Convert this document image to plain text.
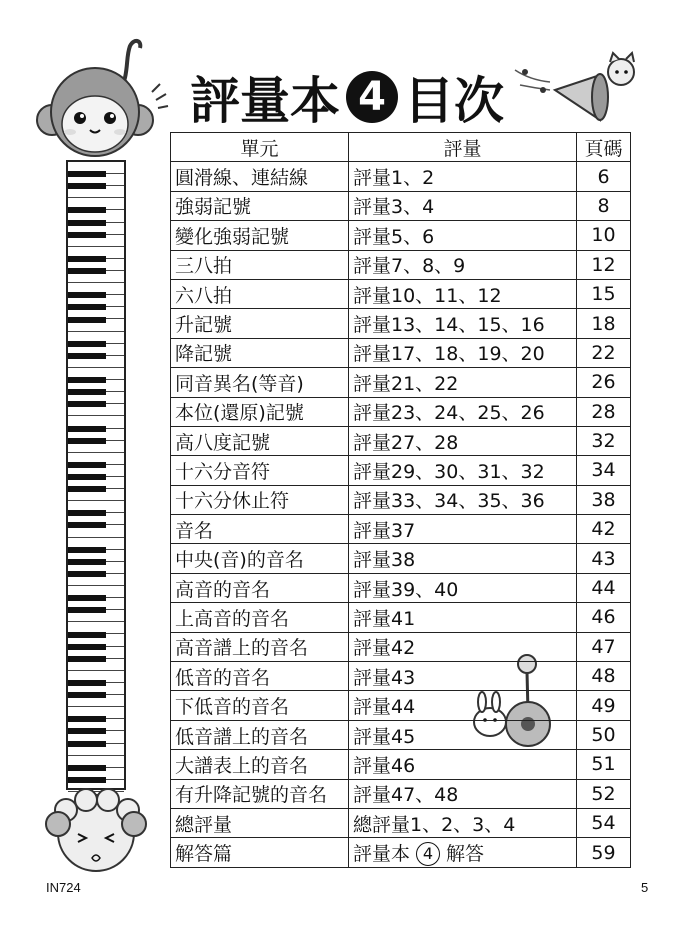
評量本 4 目次
單元	評量	頁碼
圓滑線、連結線	評量1、2	6
強弱記號	評量3、4	8
變化強弱記號	評量5、6	10
三八拍	評量7、8、9	12
六八拍	評量10、11、12	15
升記號	評量13、14、15、16	18
降記號	評量17、18、19、20	22
同音異名(等音)	評量21、22	26
本位(還原)記號	評量23、24、25、26	28
高八度記號	評量27、28	32
十六分音符	評量29、30、31、32	34
十六分休止符	評量33、34、35、36	38
音名	評量37	42
中央(音)的音名	評量38	43
高音的音名	評量39、40	44
上高音的音名	評量41	46
高音譜上的音名	評量42	47
低音的音名	評量43	48
下低音的音名	評量44	49
低音譜上的音名	評量45	50
大譜表上的音名	評量46	51
有升降記號的音名	評量47、48	52
總評量	總評量1、2、3、4	54
解答篇	評量本 4 解答	59
IN724	5
